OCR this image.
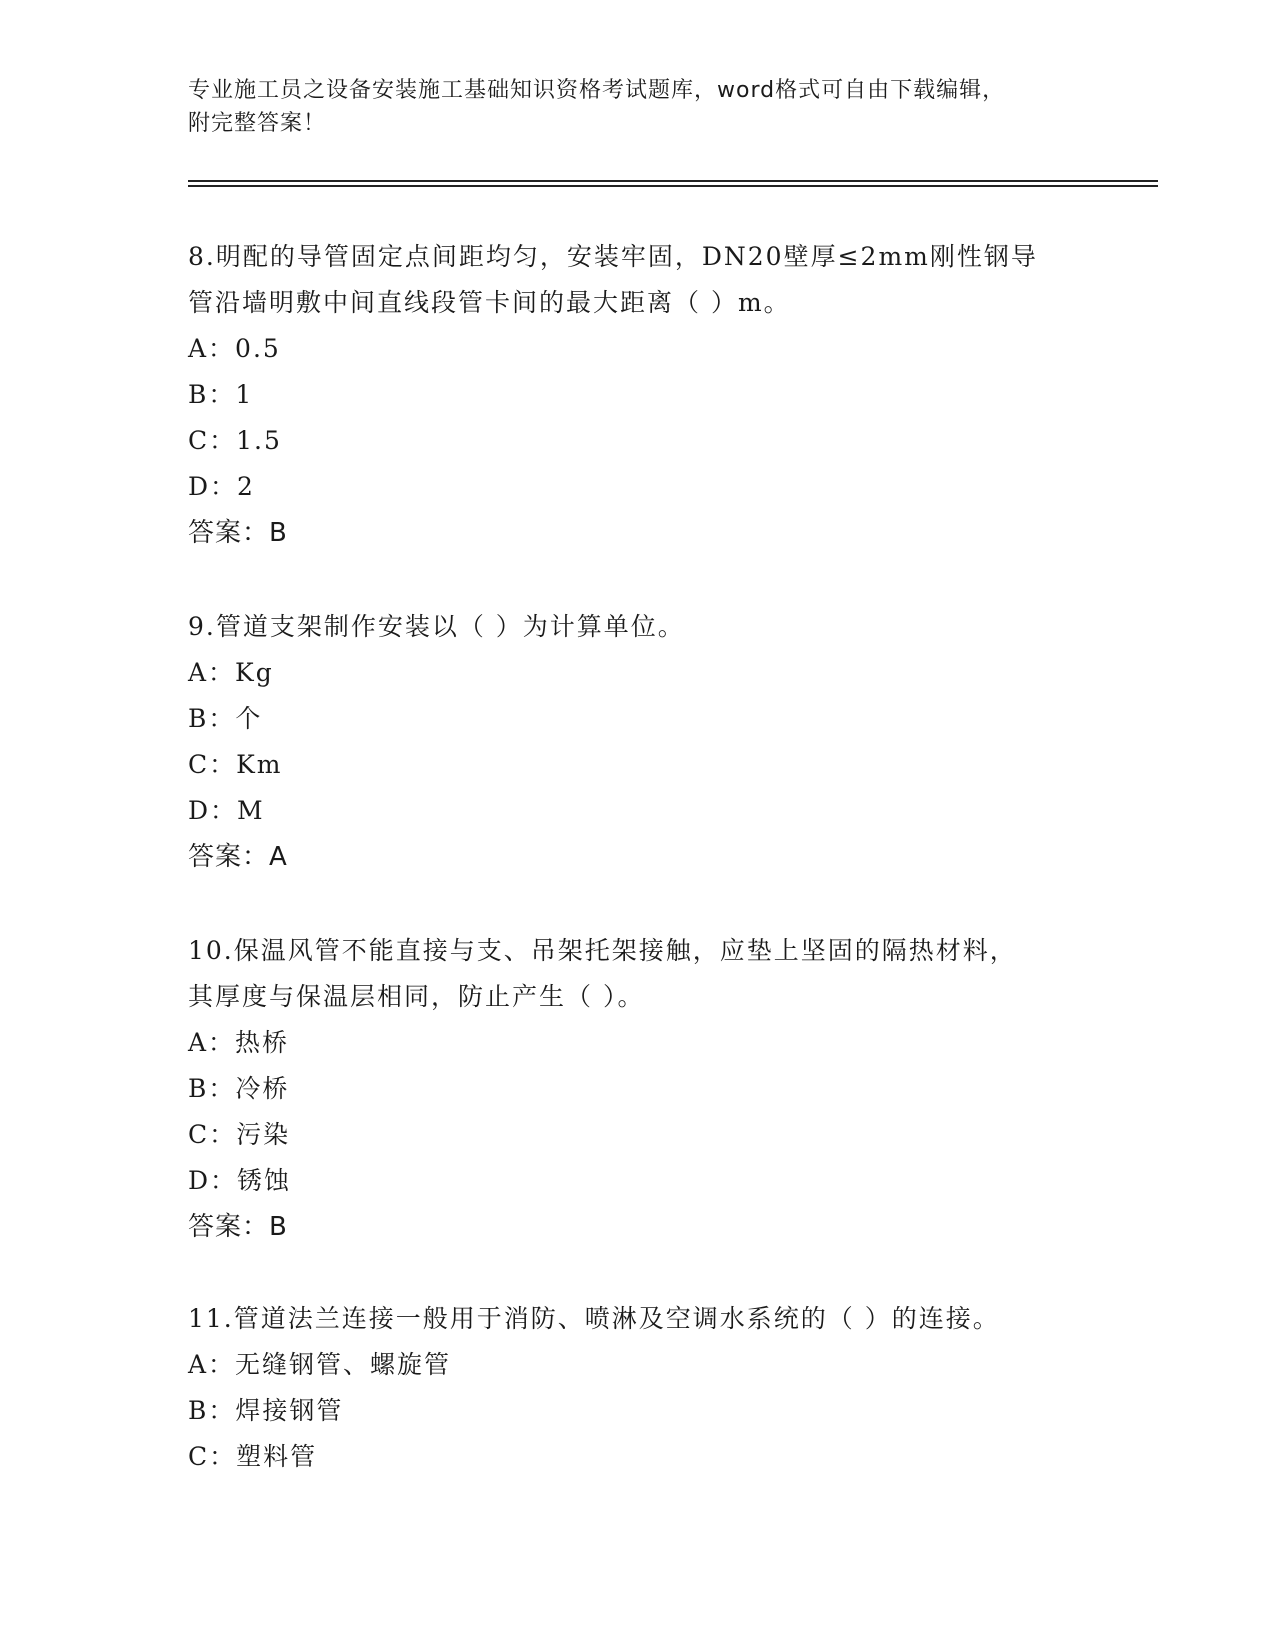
专业施工员之设备安装施工基础知识资格考试题库，word格式可自由下载编辑，
附完整答案！
8.明配的导管固定点间距均匀，安装牢固，DN20壁厚≤2mm刚性钢导
管沿墙明敷中间直线段管卡间的最大距离（ ）m。
A：0.5
B：1
C：1.5
D：2
答案：B
9.管道支架制作安装以（ ）为计算单位。
A：Kg
B：个
C：Km
D：M
答案：A
10.保温风管不能直接与支、吊架托架接触，应垫上坚固的隔热材料，
其厚度与保温层相同，防止产生（ ）。
A：热桥
B：冷桥
C：污染
D：锈蚀
答案：B
11.管道法兰连接一般用于消防、喷淋及空调水系统的（ ）的连接。
A：无缝钢管、螺旋管
B：焊接钢管
C：塑料管
